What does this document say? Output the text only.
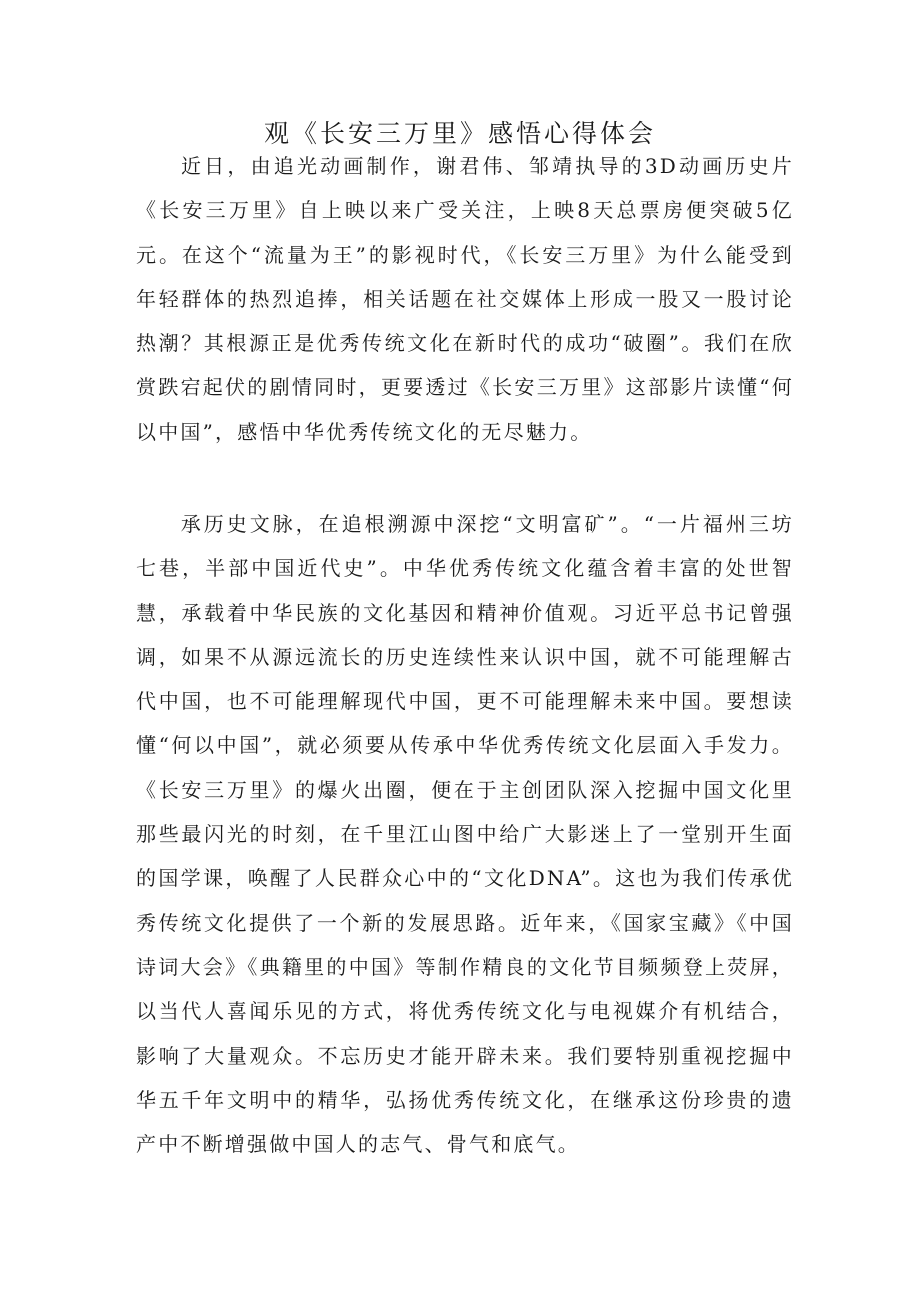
观《长安三万里》感悟心得体会

近日，由追光动画制作，谢君伟、邹靖执导的3D动画历史片《长安三万里》自上映以来广受关注，上映8天总票房便突破5亿元。在这个“流量为王”的影视时代，《长安三万里》为什么能受到年轻群体的热烈追捧，相关话题在社交媒体上形成一股又一股讨论热潮？其根源正是优秀传统文化在新时代的成功“破圈”。我们在欣赏跌宕起伏的剧情同时，更要透过《长安三万里》这部影片读懂“何以中国”，感悟中华优秀传统文化的无尽魅力。

承历史文脉，在追根溯源中深挖“文明富矿”。“一片福州三坊七巷，半部中国近代史”。中华优秀传统文化蕴含着丰富的处世智慧，承载着中华民族的文化基因和精神价值观。习近平总书记曾强调，如果不从源远流长的历史连续性来认识中国，就不可能理解古代中国，也不可能理解现代中国，更不可能理解未来中国。要想读懂“何以中国”，就必须要从传承中华优秀传统文化层面入手发力。《长安三万里》的爆火出圈，便在于主创团队深入挖掘中国文化里那些最闪光的时刻，在千里江山图中给广大影迷上了一堂别开生面的国学课，唤醒了人民群众心中的“文化DNA”。这也为我们传承优秀传统文化提供了一个新的发展思路。近年来，《国家宝藏》《中国诗词大会》《典籍里的中国》等制作精良的文化节目频频登上荧屏，以当代人喜闻乐见的方式，将优秀传统文化与电视媒介有机结合，影响了大量观众。不忘历史才能开辟未来。我们要特别重视挖掘中华五千年文明中的精华，弘扬优秀传统文化，在继承这份珍贵的遗产中不断增强做中国人的志气、骨气和底气。
